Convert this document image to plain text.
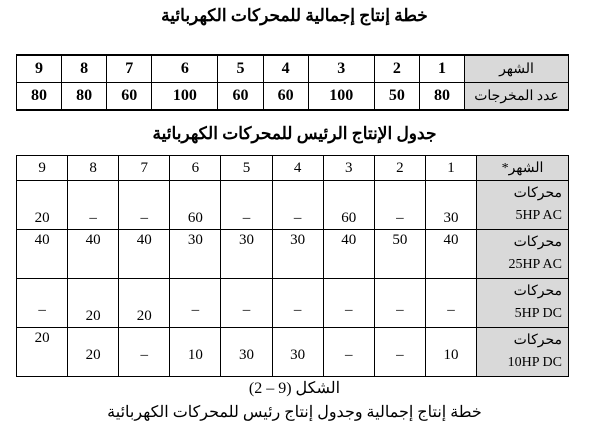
خطة إنتاج إجمالية للمحركات الكهربائية
الشهر	1	2	3	4	5	6	7	8	9
عدد المخرجات	80	50	100	60	60	100	60	80	80
جدول الإنتاج الرئيس للمحركات الكهربائية
الشهر*	1	2	3	4	5	6	7	8	9
محركات
5HP AC	30	–	60	–	–	60	–	–	20
محركات
25HP AC	40	50	40	30	30	30	40	40	40
محركات
5HP DC	–	–	–	–	–	–	20	20	–
محركات
10HP DC	10	–	–	30	30	10	–	20	20
الشكل (9 – 2)
خطة إنتاج إجمالية وجدول إنتاج رئيس للمحركات الكهربائية
